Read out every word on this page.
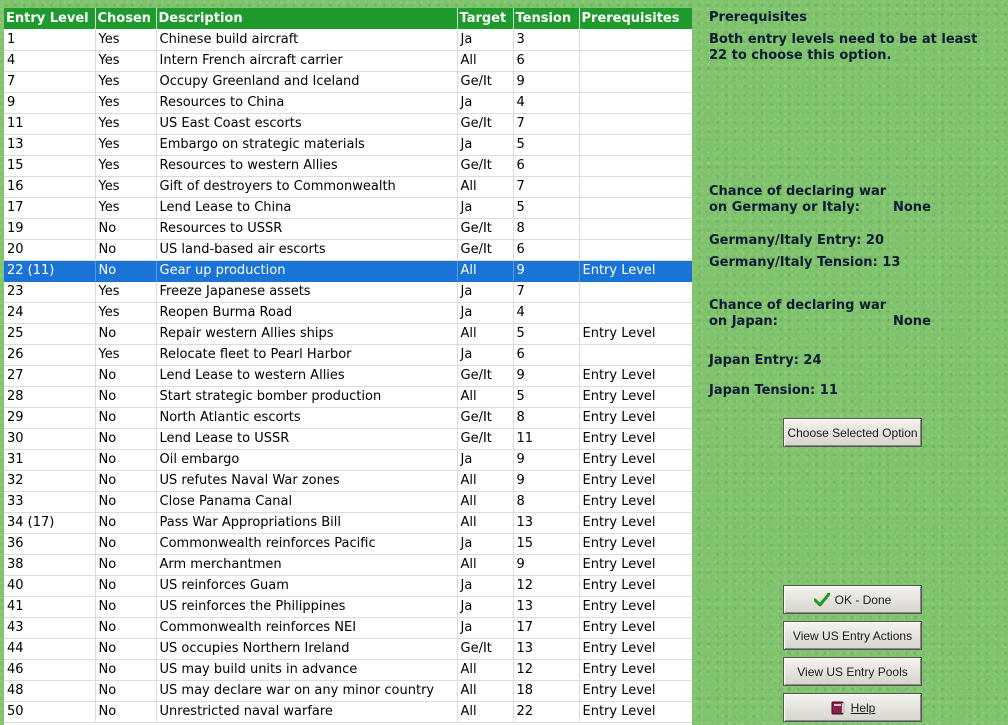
Entry Level	Chosen	Description	Target	Tension	Prerequisites
1	Yes	Chinese build aircraft	Ja	3	
4	Yes	Intern French aircraft carrier	All	6	
7	Yes	Occupy Greenland and Iceland	Ge/It	9	
9	Yes	Resources to China	Ja	4	
11	Yes	US East Coast escorts	Ge/It	7	
13	Yes	Embargo on strategic materials	Ja	5	
15	Yes	Resources to western Allies	Ge/It	6	
16	Yes	Gift of destroyers to Commonwealth	All	7	
17	Yes	Lend Lease to China	Ja	5	
19	No	Resources to USSR	Ge/It	8	
20	No	US land-based air escorts	Ge/It	6	
22 (11)	No	Gear up production	All	9	Entry Level
23	Yes	Freeze Japanese assets	Ja	7	
24	Yes	Reopen Burma Road	Ja	4	
25	No	Repair western Allies ships	All	5	Entry Level
26	Yes	Relocate fleet to Pearl Harbor	Ja	6	
27	No	Lend Lease to western Allies	Ge/It	9	Entry Level
28	No	Start strategic bomber production	All	5	Entry Level
29	No	North Atlantic escorts	Ge/It	8	Entry Level
30	No	Lend Lease to USSR	Ge/It	11	Entry Level
31	No	Oil embargo	Ja	9	Entry Level
32	No	US refutes Naval War zones	All	9	Entry Level
33	No	Close Panama Canal	All	8	Entry Level
34 (17)	No	Pass War Appropriations Bill	All	13	Entry Level
36	No	Commonwealth reinforces Pacific	Ja	15	Entry Level
38	No	Arm merchantmen	All	9	Entry Level
40	No	US reinforces Guam	Ja	12	Entry Level
41	No	US reinforces the Philippines	Ja	13	Entry Level
43	No	Commonwealth reinforces NEI	Ja	17	Entry Level
44	No	US occupies Northern Ireland	Ge/It	13	Entry Level
46	No	US may build units in advance	All	12	Entry Level
48	No	US may declare war on any minor country	All	18	Entry Level
50	No	Unrestricted naval warfare	All	22	Entry Level
Prerequisites
Both entry levels need to be at least
22 to choose this option.
Chance of declaring war
on Germany or Italy:	None
Germany/Italy Entry: 20
Germany/Italy Tension: 13
Chance of declaring war
on Japan:	None
Japan Entry: 24
Japan Tension: 11
Choose Selected Option
OK - Done
View US Entry Actions
View US Entry Pools
Help
